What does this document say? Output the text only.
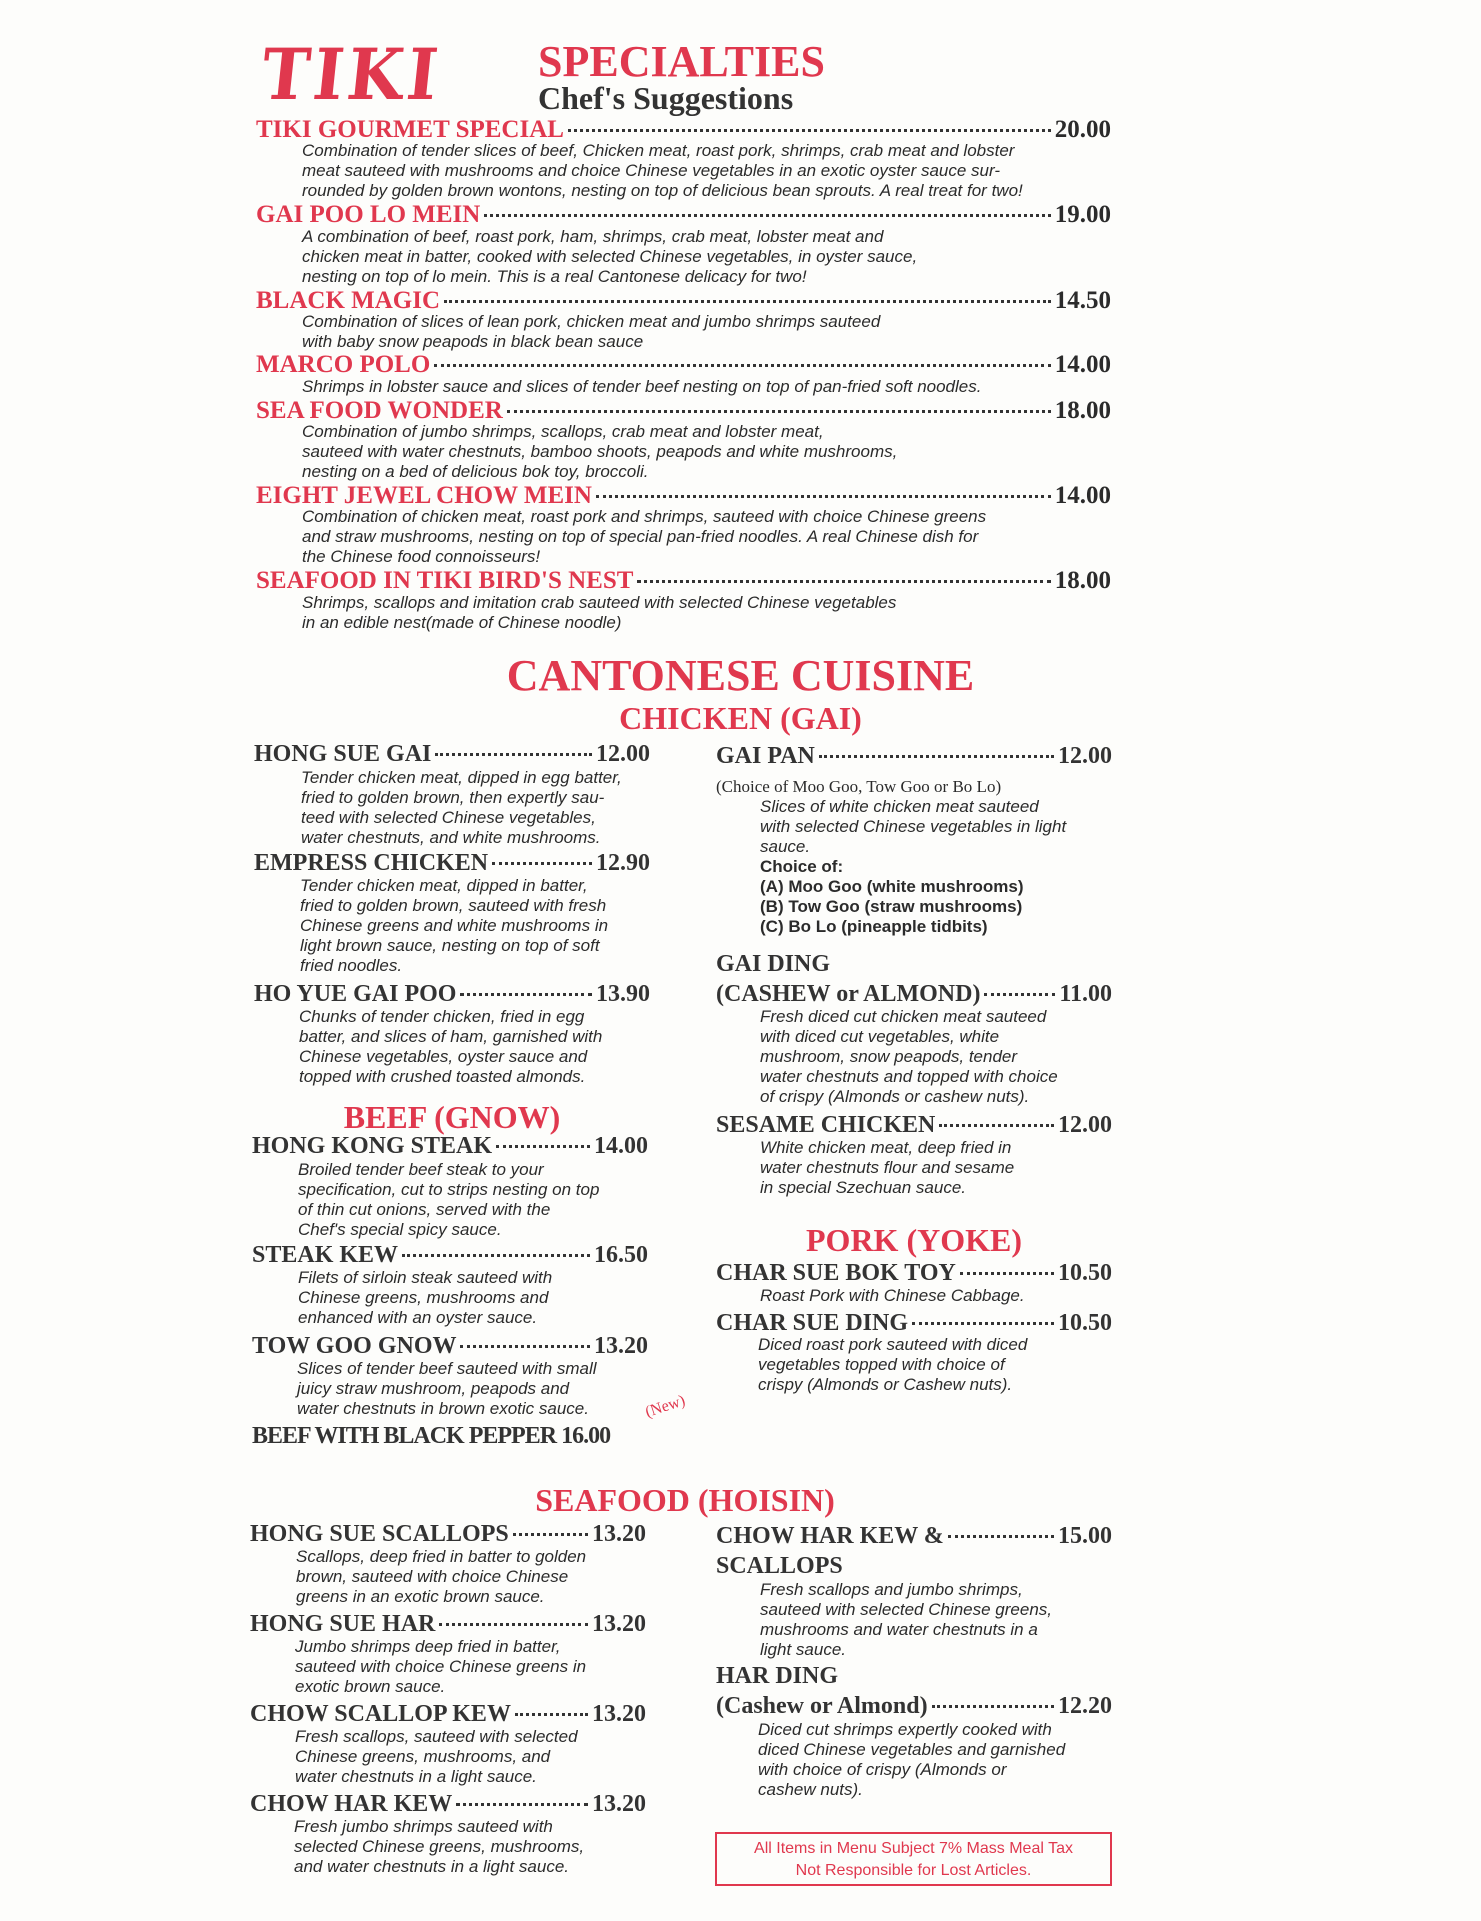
TIKI SPECIALTIES
Chef's Suggestions
TIKI GOURMET SPECIAL	20.00
Combination of tender slices of beef, Chicken meat, roast pork, shrimps, crab meat and lobster
meat sauteed with mushrooms and choice Chinese vegetables in an exotic oyster sauce sur-
rounded by golden brown wontons, nesting on top of delicious bean sprouts. A real treat for two!
GAI POO LO MEIN	19.00
A combination of beef, roast pork, ham, shrimps, crab meat, lobster meat and
chicken meat in batter, cooked with selected Chinese vegetables, in oyster sauce,
nesting on top of lo mein. This is a real Cantonese delicacy for two!
BLACK MAGIC	14.50
Combination of slices of lean pork, chicken meat and jumbo shrimps sauteed
with baby snow peapods in black bean sauce
MARCO POLO	14.00
Shrimps in lobster sauce and slices of tender beef nesting on top of pan-fried soft noodles.
SEA FOOD WONDER	18.00
Combination of jumbo shrimps, scallops, crab meat and lobster meat,
sauteed with water chestnuts, bamboo shoots, peapods and white mushrooms,
nesting on a bed of delicious bok toy, broccoli.
EIGHT JEWEL CHOW MEIN	14.00
Combination of chicken meat, roast pork and shrimps, sauteed with choice Chinese greens
and straw mushrooms, nesting on top of special pan-fried noodles. A real Chinese dish for
the Chinese food connoisseurs!
SEAFOOD IN TIKI BIRD'S NEST	18.00
Shrimps, scallops and imitation crab sauteed with selected Chinese vegetables
in an edible nest(made of Chinese noodle)
CANTONESE CUISINE
CHICKEN (GAI)
HONG SUE GAI	12.00
Tender chicken meat, dipped in egg batter,
fried to golden brown, then expertly sau-
teed with selected Chinese vegetables,
water chestnuts, and white mushrooms.
EMPRESS CHICKEN	12.90
Tender chicken meat, dipped in batter,
fried to golden brown, sauteed with fresh
Chinese greens and white mushrooms in
light brown sauce, nesting on top of soft
fried noodles.
HO YUE GAI POO	13.90
Chunks of tender chicken, fried in egg
batter, and slices of ham, garnished with
Chinese vegetables, oyster sauce and
topped with crushed toasted almonds.
BEEF (GNOW)
HONG KONG STEAK	14.00
Broiled tender beef steak to your
specification, cut to strips nesting on top
of thin cut onions, served with the
Chef's special spicy sauce.
STEAK KEW	16.50
Filets of sirloin steak sauteed with
Chinese greens, mushrooms and
enhanced with an oyster sauce.
TOW GOO GNOW	13.20
Slices of tender beef sauteed with small
juicy straw mushroom, peapods and
water chestnuts in brown exotic sauce.
BEEF WITH BLACK PEPPER 16.00
(New)
GAI PAN	12.00
(Choice of Moo Goo, Tow Goo or Bo Lo)
Slices of white chicken meat sauteed
with selected Chinese vegetables in light
sauce.
Choice of:
(A) Moo Goo (white mushrooms)
(B) Tow Goo (straw mushrooms)
(C) Bo Lo (pineapple tidbits)
GAI DING
(CASHEW or ALMOND)	11.00
Fresh diced cut chicken meat sauteed
with diced cut vegetables, white
mushroom, snow peapods, tender
water chestnuts and topped with choice
of crispy (Almonds or cashew nuts).
SESAME CHICKEN	12.00
White chicken meat, deep fried in
water chestnuts flour and sesame
in special Szechuan sauce.
PORK (YOKE)
CHAR SUE BOK TOY	10.50
Roast Pork with Chinese Cabbage.
CHAR SUE DING	10.50
Diced roast pork sauteed with diced
vegetables topped with choice of
crispy (Almonds or Cashew nuts).
SEAFOOD (HOISIN)
HONG SUE SCALLOPS	13.20
Scallops, deep fried in batter to golden
brown, sauteed with choice Chinese
greens in an exotic brown sauce.
HONG SUE HAR	13.20
Jumbo shrimps deep fried in batter,
sauteed with choice Chinese greens in
exotic brown sauce.
CHOW SCALLOP KEW	13.20
Fresh scallops, sauteed with selected
Chinese greens, mushrooms, and
water chestnuts in a light sauce.
CHOW HAR KEW	13.20
Fresh jumbo shrimps sauteed with
selected Chinese greens, mushrooms,
and water chestnuts in a light sauce.
CHOW HAR KEW &	15.00
SCALLOPS
Fresh scallops and jumbo shrimps,
sauteed with selected Chinese greens,
mushrooms and water chestnuts in a
light sauce.
HAR DING
(Cashew or Almond)	12.20
Diced cut shrimps expertly cooked with
diced Chinese vegetables and garnished
with choice of crispy (Almonds or
cashew nuts).
All Items in Menu Subject 7% Mass Meal Tax
Not Responsible for Lost Articles.
